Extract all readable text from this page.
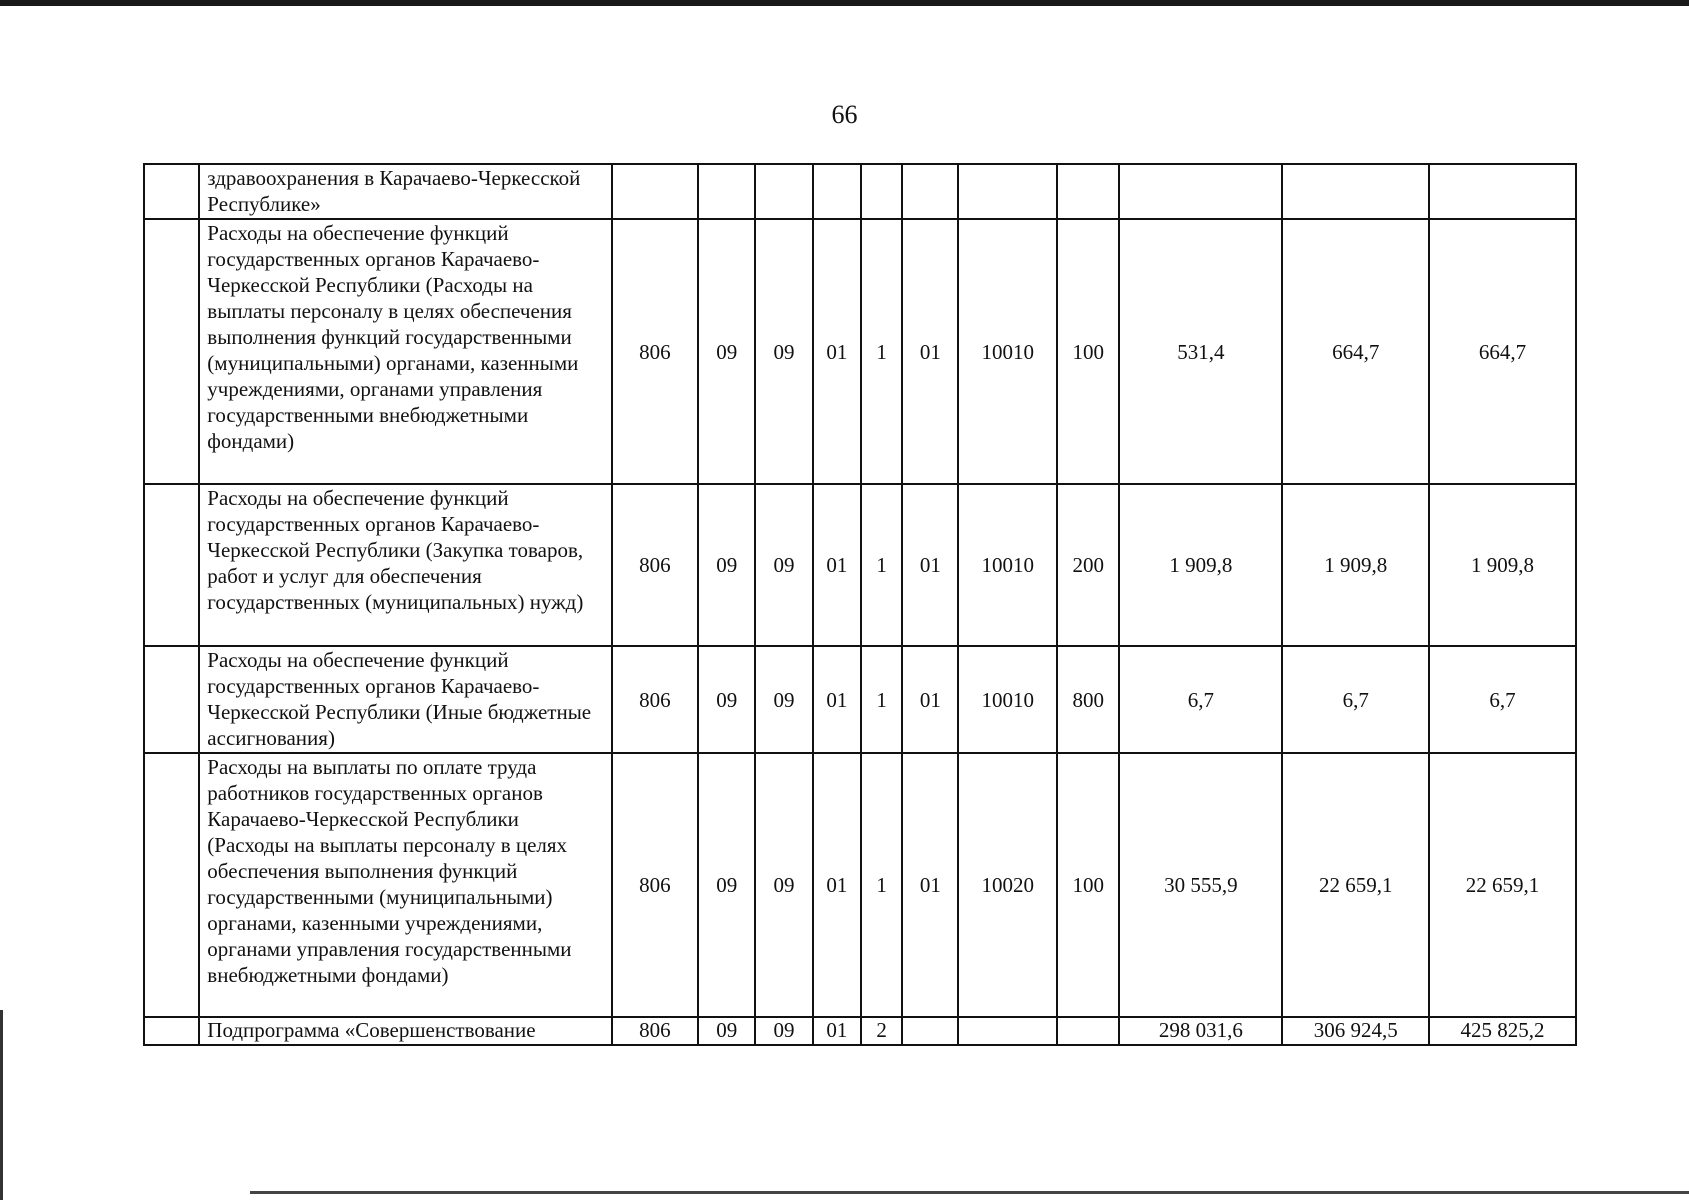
66
	здравоохранения в Карачаево-Черкесской Республике»											
	Расходы на обеспечение функций государственных органов Карачаево-Черкесской Республики (Расходы на выплаты персоналу в целях обеспечения выполнения функций государственными (муниципальными) органами, казенными учреждениями, органами управления государственными внебюджетными фондами)	806	09	09	01	1	01	10010	100	531,4	664,7	664,7
	Расходы на обеспечение функций государственных органов Карачаево-Черкесской Республики (Закупка товаров, работ и услуг для обеспечения государственных (муниципальных) нужд)	806	09	09	01	1	01	10010	200	1 909,8	1 909,8	1 909,8
	Расходы на обеспечение функций государственных органов Карачаево-Черкесской Республики (Иные бюджетные ассигнования)	806	09	09	01	1	01	10010	800	6,7	6,7	6,7
	Расходы на выплаты по оплате труда работников государственных органов Карачаево-Черкесской Республики (Расходы на выплаты персоналу в целях обеспечения выполнения функций государственными (муниципальными) органами, казенными учреждениями, органами управления государственными внебюджетными фондами)	806	09	09	01	1	01	10020	100	30 555,9	22 659,1	22 659,1
	Подпрограмма «Совершенствование	806	09	09	01	2				298 031,6	306 924,5	425 825,2
